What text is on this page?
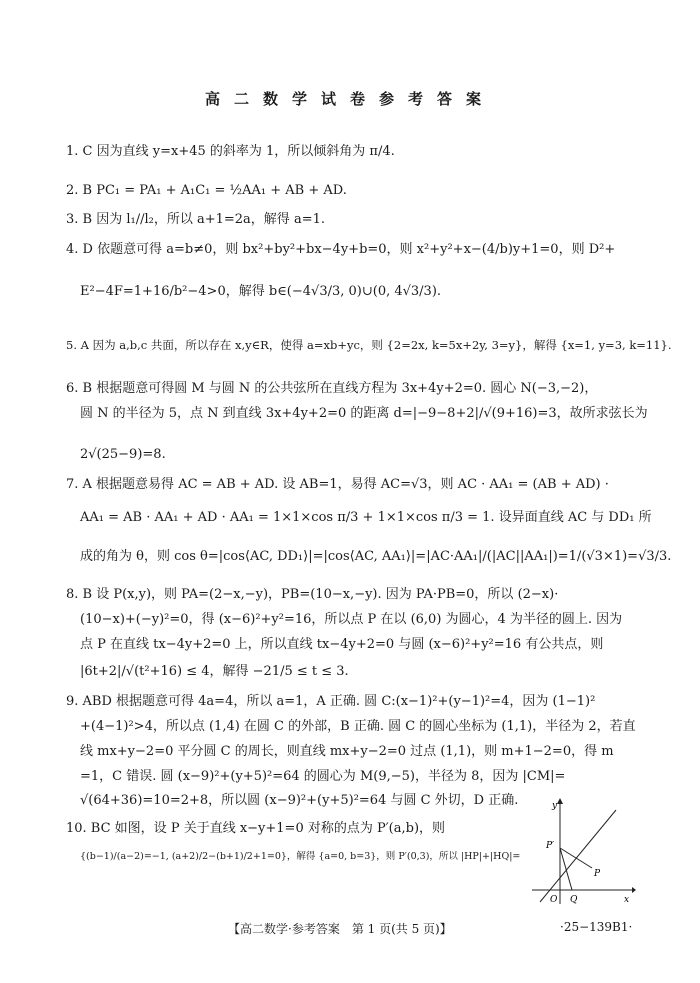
高二数学试卷参考答案
1. C 因为直线 y=x+45 的斜率为 1，所以倾斜角为 π/4.
2. B PC₁ = PA₁ + A₁C₁ = ½AA₁ + AB + AD.
3. B 因为 l₁//l₂，所以 a+1=2a，解得 a=1.
4. D 依题意可得 a=b≠0，则 bx²+by²+bx−4y+b=0，则 x²+y²+x−(4/b)y+1=0，则 D²+
E²−4F=1+16/b²−4>0，解得 b∈(−4√3/3, 0)∪(0, 4√3/3).
5. A 因为 a,b,c 共面，所以存在 x,y∈R，使得 a=xb+yc，则 {2=2x, k=5x+2y, 3=y}，解得 {x=1, y=3, k=11}.
6. B 根据题意可得圆 M 与圆 N 的公共弦所在直线方程为 3x+4y+2=0. 圆心 N(−3,−2)，
圆 N 的半径为 5，点 N 到直线 3x+4y+2=0 的距离 d=|−9−8+2|/√(9+16)=3，故所求弦长为
2√(25−9)=8.
7. A 根据题意易得 AC = AB + AD. 设 AB=1，易得 AC=√3，则 AC · AA₁ = (AB + AD) ·
AA₁ = AB · AA₁ + AD · AA₁ = 1×1×cos π/3 + 1×1×cos π/3 = 1. 设异面直线 AC 与 DD₁ 所
成的角为 θ，则 cos θ=|cos⟨AC, DD₁⟩|=|cos⟨AC, AA₁⟩|=|AC·AA₁|/(|AC||AA₁|)=1/(√3×1)=√3/3.
8. B 设 P(x,y)，则 PA=(2−x,−y)，PB=(10−x,−y). 因为 PA·PB=0，所以 (2−x)·
(10−x)+(−y)²=0，得 (x−6)²+y²=16，所以点 P 在以 (6,0) 为圆心，4 为半径的圆上. 因为
点 P 在直线 tx−4y+2=0 上，所以直线 tx−4y+2=0 与圆 (x−6)²+y²=16 有公共点，则
|6t+2|/√(t²+16) ≤ 4，解得 −21/5 ≤ t ≤ 3.
9. ABD 根据题意可得 4a=4，所以 a=1，A 正确. 圆 C:(x−1)²+(y−1)²=4，因为 (1−1)²
+(4−1)²>4，所以点 (1,4) 在圆 C 的外部，B 正确. 圆 C 的圆心坐标为 (1,1)，半径为 2，若直
线 mx+y−2=0 平分圆 C 的周长，则直线 mx+y−2=0 过点 (1,1)，则 m+1−2=0，得 m
=1，C 错误. 圆 (x−9)²+(y+5)²=64 的圆心为 M(9,−5)，半径为 8，因为 |CM|=
√(64+36)=10=2+8，所以圆 (x−9)²+(y+5)²=64 与圆 C 外切，D 正确.
10. BC 如图，设 P 关于直线 x−y+1=0 对称的点为 P′(a,b)，则
{(b−1)/(a−2)=−1, (a+2)/2−(b+1)/2+1=0}，解得 {a=0, b=3}，则 P′(0,3)，所以 |HP|+|HQ|=
y
x
P′
P
O Q
【高二数学·参考答案　第 1 页(共 5 页)】	·25−139B1·
